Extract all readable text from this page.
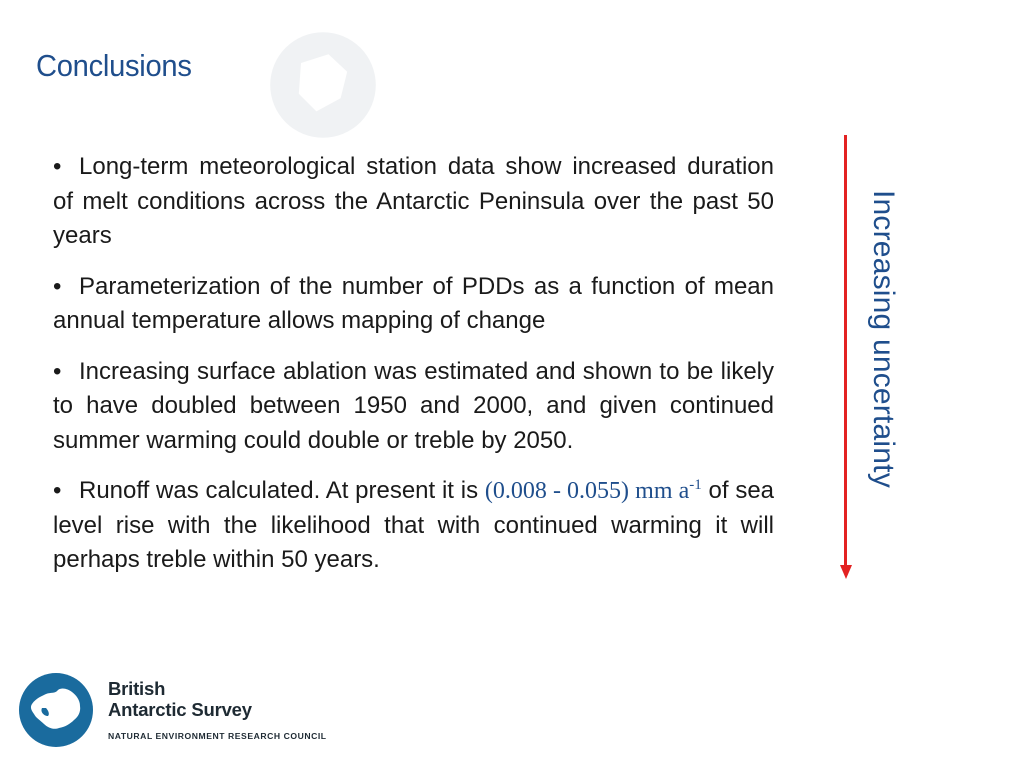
Conclusions
• Long-term meteorological station data show increased duration of melt conditions across the Antarctic Peninsula over the past 50 years
• Parameterization of the number of PDDs as a function of mean annual temperature allows mapping of change
• Increasing surface ablation was estimated and shown to be likely to have doubled between 1950 and 2000, and given continued summer warming could double or treble by 2050.
• Runoff was calculated. At present it is (0.008 - 0.055) mm $a^{-1}$ of sea level rise with the likelihood that with continued warming it will perhaps treble within 50 years.

Increasing uncertainty

British
Antarctic Survey

NATURAL ENVIRONMENT RESEARCH COUNCIL
